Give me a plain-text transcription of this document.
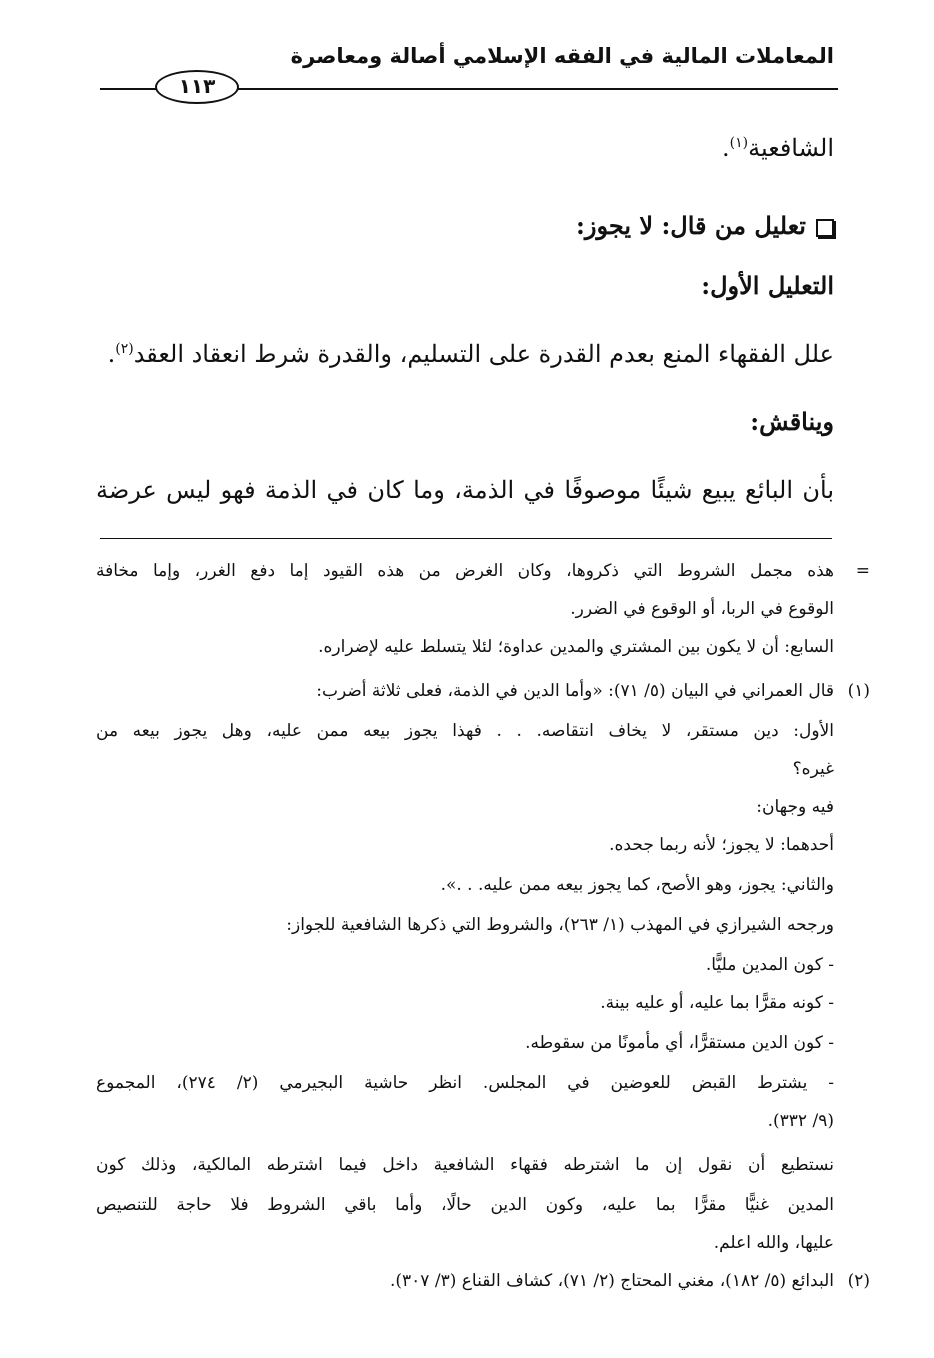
المعاملات المالية في الفقه الإسلامي أصالة ومعاصرة
١١٣
الشافعية$^{(١)}$.
تعليل من قال: لا يجوز:
التعليل الأول:
علل الفقهاء المنع بعدم القدرة على التسليم، والقدرة شرط انعقاد العقد$^{(٢)}$.
ويناقش:
بأن البائع يبيع شيئًا موصوفًا في الذمة، وما كان في الذمة فهو ليس عرضة
=
هذه مجمل الشروط التي ذكروها، وكان الغرض من هذه القيود إما دفع الغرر، وإما مخافة
الوقوع في الربا، أو الوقوع في الضرر.
السابع: أن لا يكون بين المشتري والمدين عداوة؛ لئلا يتسلط عليه لإضراره.
(١)
قال العمراني في البيان (٥/ ٧١): «وأما الدين في الذمة، فعلى ثلاثة أضرب:
الأول: دين مستقر، لا يخاف انتقاصه. . . فهذا يجوز بيعه ممن عليه، وهل يجوز بيعه من
غيره؟
فيه وجهان:
أحدهما: لا يجوز؛ لأنه ربما جحده.
والثاني: يجوز، وهو الأصح، كما يجوز بيعه ممن عليه. . .».
ورجحه الشيرازي في المهذب (١/ ٢٦٣)، والشروط التي ذكرها الشافعية للجواز:
- كون المدين مليًّا.
- كونه مقرًّا بما عليه، أو عليه بينة.
- كون الدين مستقرًّا، أي مأمونًا من سقوطه.
- يشترط القبض للعوضين في المجلس. انظر حاشية البجيرمي (٢/ ٢٧٤)، المجموع
(٩/ ٣٣٢).
نستطيع أن نقول إن ما اشترطه فقهاء الشافعية داخل فيما اشترطه المالكية، وذلك كون
المدين غنيًّا مقرًّا بما عليه، وكون الدين حالًا، وأما باقي الشروط فلا حاجة للتنصيص
عليها، والله اعلم.
(٢)
البدائع (٥/ ١٨٢)، مغني المحتاج (٢/ ٧١)، كشاف القناع (٣/ ٣٠٧).
